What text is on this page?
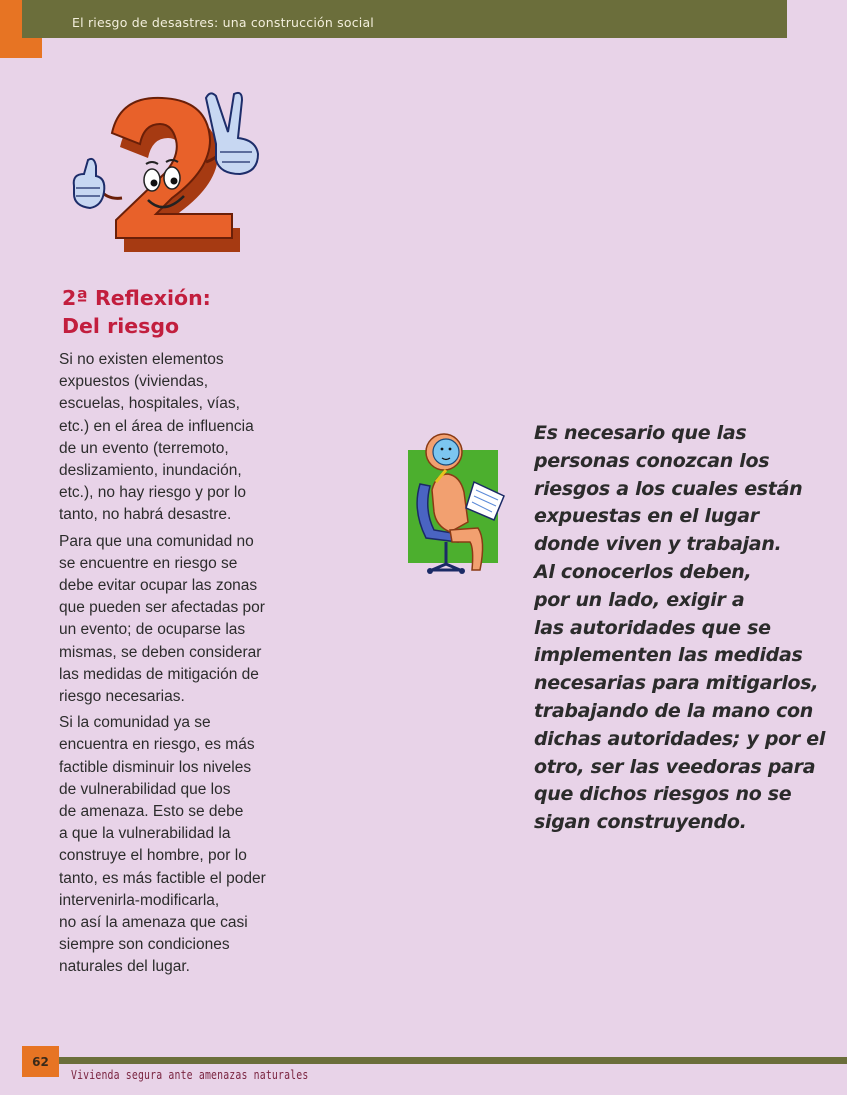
El riesgo de desastres: una construcción social
2ª Reflexión:
Del riesgo

Si no existen elementos
expuestos (viviendas,
escuelas, hospitales, vías,
etc.) en el área de influencia
de un evento (terremoto,
deslizamiento, inundación,
etc.), no hay riesgo y por lo
tanto, no habrá desastre.

Para que una comunidad no
se encuentre en riesgo se
debe evitar ocupar las zonas
que pueden ser afectadas por
un evento; de ocuparse las
mismas, se deben considerar
las medidas de mitigación de
riesgo necesarias.

Si la comunidad ya se
encuentra en riesgo, es más
factible disminuir los niveles
de vulnerabilidad que los
de amenaza. Esto se debe
a que la vulnerabilidad la
construye el hombre, por lo
tanto, es más factible el poder
intervenirla-modificarla,
no así la amenaza que casi
siempre son condiciones
naturales del lugar.

Es necesario que las
personas conozcan los
riesgos a los cuales están
expuestas en el lugar
donde viven y trabajan.
Al conocerlos deben,
por un lado, exigir a
las autoridades que se
implementen las medidas
necesarias para mitigarlos,
trabajando de la mano con
dichas autoridades; y por el
otro, ser las veedoras para
que dichos riesgos no se
sigan construyendo.
62
Vivienda segura ante amenazas naturales
